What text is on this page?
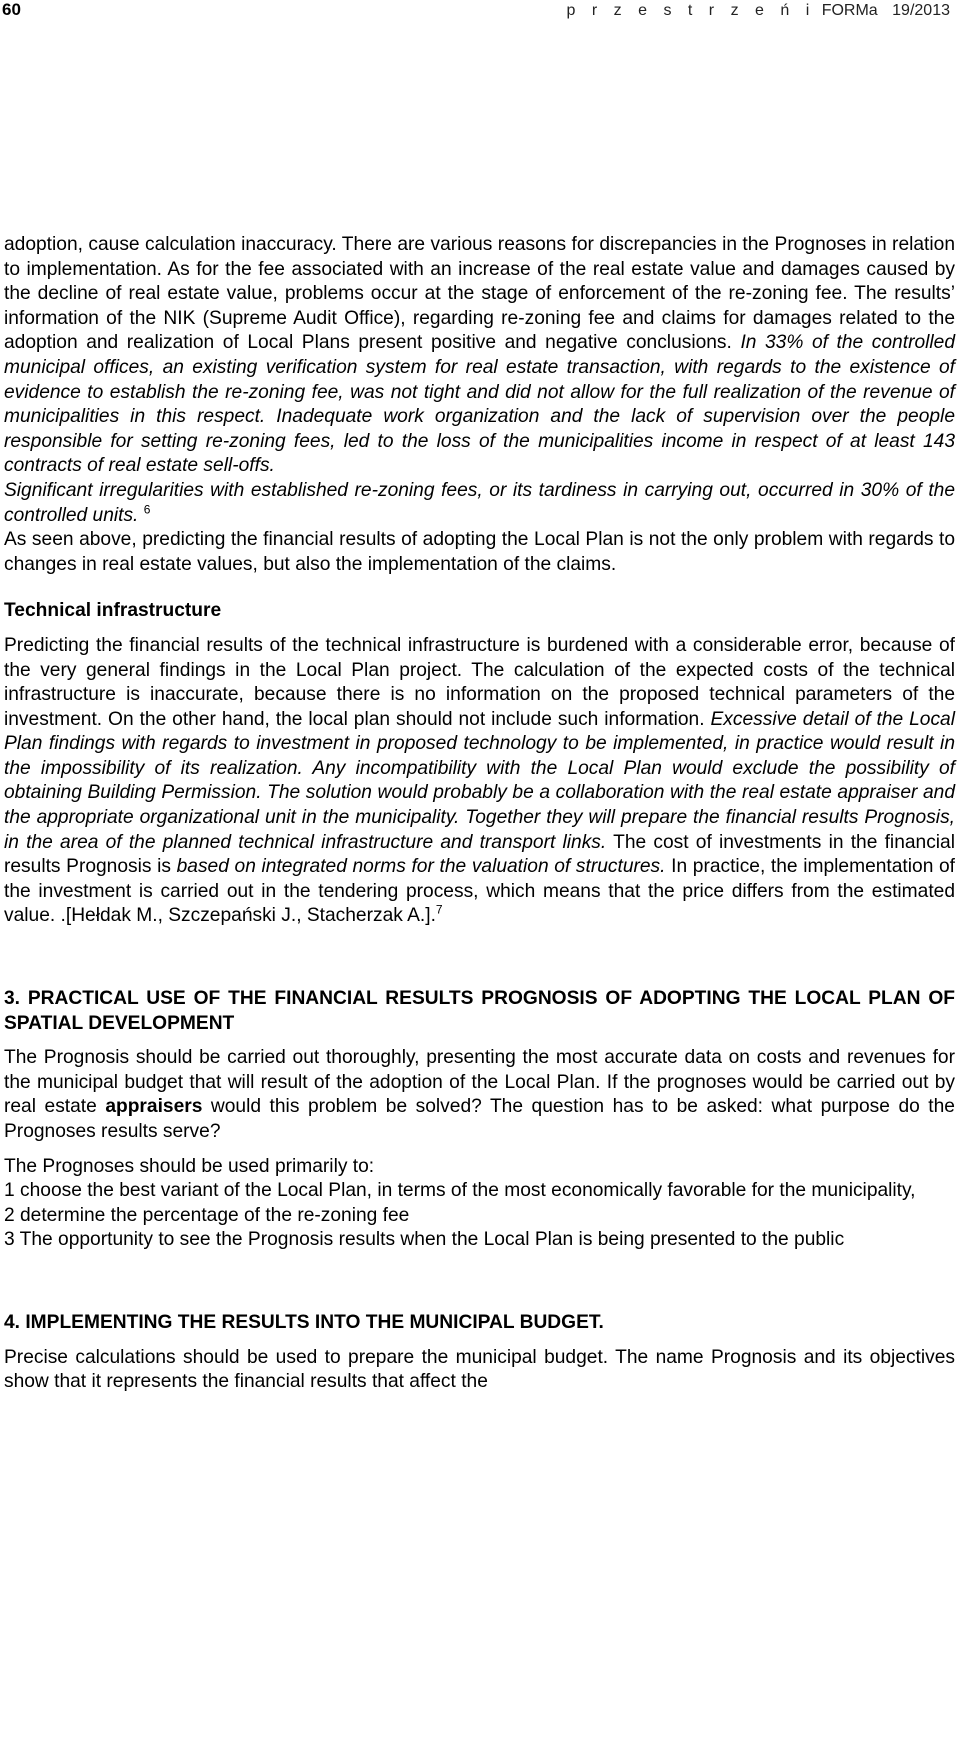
60	p r z e s t r z e ń i FORMa 19/2013

adoption, cause calculation inaccuracy. There are various reasons for discrepancies in the Prognoses in relation to implementation. As for the fee associated with an increase of the real estate value and damages caused by the decline of real estate value, problems occur at the stage of enforcement of the re-zoning fee. The results’ information of the NIK (Supreme Audit Office), regarding re-zoning fee and claims for damages related to the adoption and realization of Local Plans present positive and negative conclusions. In 33% of the controlled municipal offices, an existing verification system for real estate transaction, with regards to the existence of evidence to establish the re-zoning fee, was not tight and did not allow for the full realization of the revenue of municipalities in this respect. Inadequate work organization and the lack of supervision over the people responsible for setting re-zoning fees, led to the loss of the municipalities income in respect of at least 143 contracts of real estate sell-offs.

Significant irregularities with established re-zoning fees, or its tardiness in carrying out, occurred in 30% of the controlled units. $^6$

As seen above, predicting the financial results of adopting the Local Plan is not the only problem with regards to changes in real estate values, but also the implementation of the claims.

Technical infrastructure

Predicting the financial results of the technical infrastructure is burdened with a considerable error, because of the very general findings in the Local Plan project. The calculation of the expected costs of the technical infrastructure is inaccurate, because there is no information on the proposed technical parameters of the investment. On the other hand, the local plan should not include such information. Excessive detail of the Local Plan findings with regards to investment in proposed technology to be implemented, in practice would result in the impossibility of its realization. Any incompatibility with the Local Plan would exclude the possibility of obtaining Building Permission. The solution would probably be a collaboration with the real estate appraiser and the appropriate organizational unit in the municipality. Together they will prepare the financial results Prognosis, in the area of the planned technical infrastructure and transport links. The cost of investments in the financial results Prognosis is based on integrated norms for the valuation of structures. In practice, the implementation of the investment is carried out in the tendering process, which means that the price differs from the estimated value. .[Hełdak M., Szczepański J., Stacherzak A.].$^7$

3. PRACTICAL USE OF THE FINANCIAL RESULTS PROGNOSIS OF ADOPTING THE LOCAL PLAN OF SPATIAL DEVELOPMENT

The Prognosis should be carried out thoroughly, presenting the most accurate data on costs and revenues for the municipal budget that will result of the adoption of the Local Plan. If the prognoses would be carried out by real estate appraisers would this problem be solved? The question has to be asked: what purpose do the Prognoses results serve?

The Prognoses should be used primarily to:

1 choose the best variant of the Local Plan, in terms of the most economically favorable for the municipality,

2 determine the percentage of the re-zoning fee

3 The opportunity to see the Prognosis results when the Local Plan is being presented to the public

4. IMPLEMENTING THE RESULTS INTO THE MUNICIPAL BUDGET.

Precise calculations should be used to prepare the municipal budget. The name Prognosis and its objectives show that it represents the financial results that affect the
